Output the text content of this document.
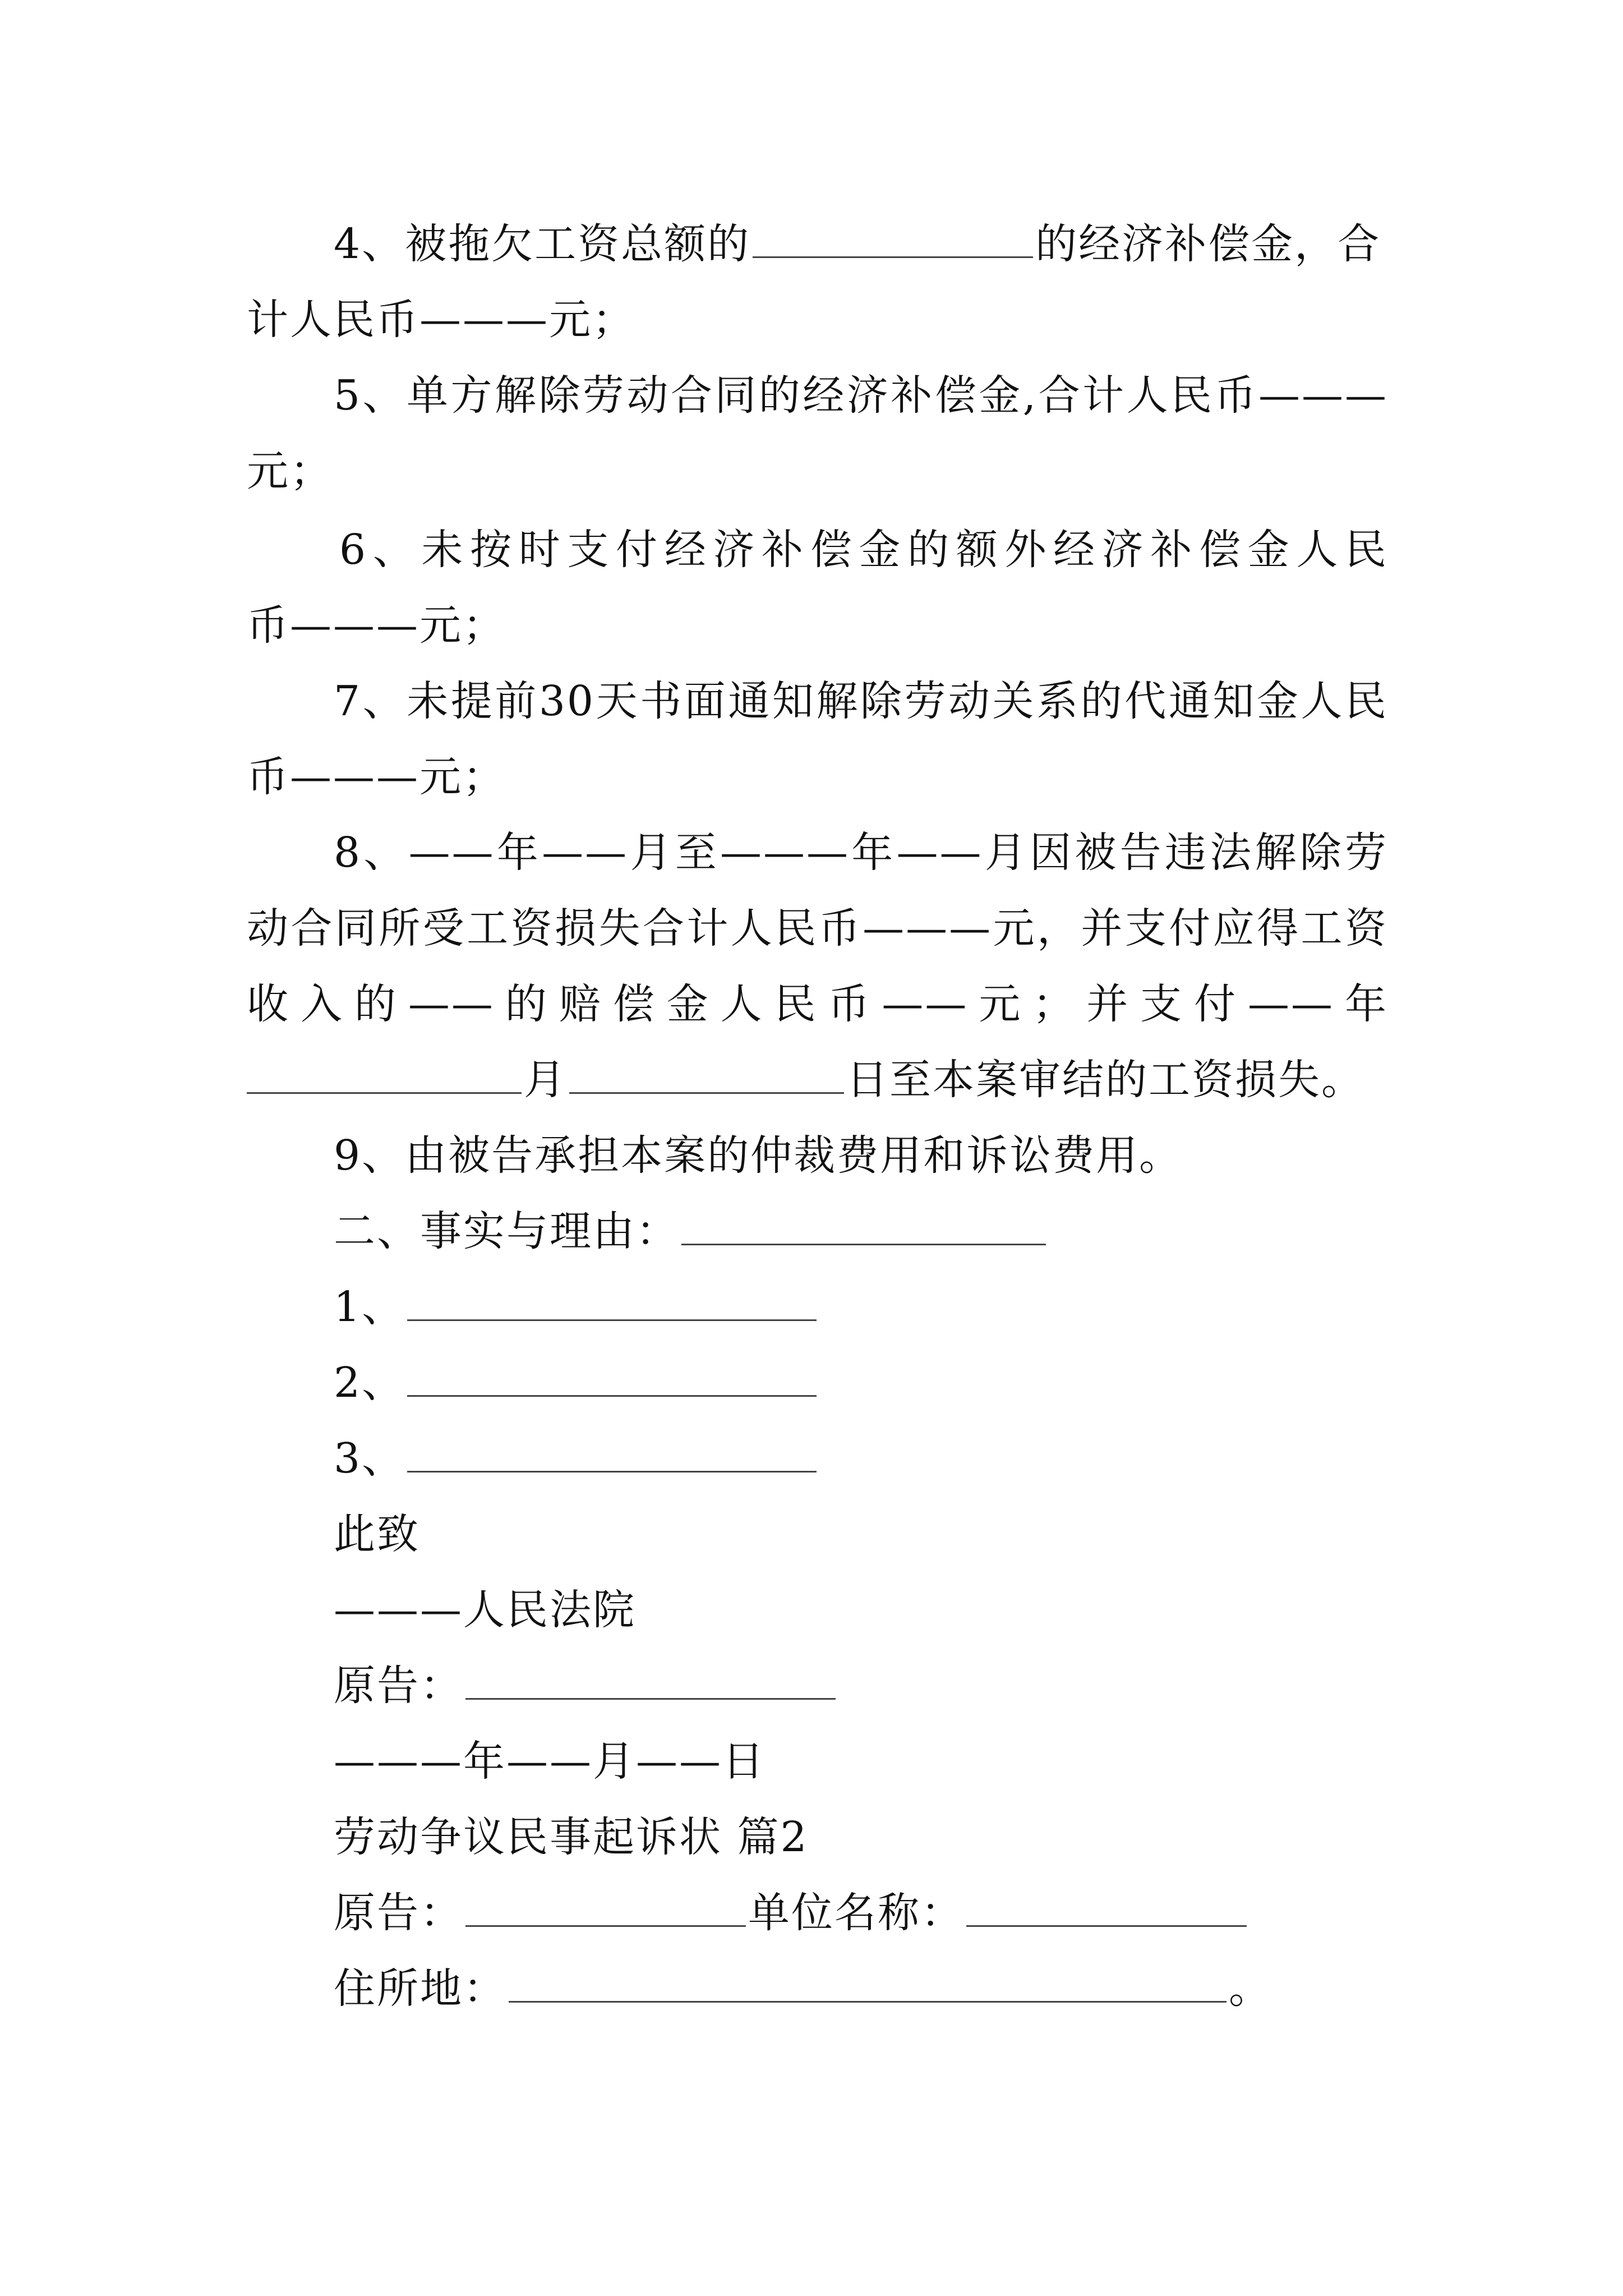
4、被拖欠工资总额的	的经济补偿金，合
计人民币———元；
5、单方解除劳动合同的经济补偿金,合计人民币———
元；
6、未按时支付经济补偿金的额外经济补偿金人民
币———元；
7、未提前30天书面通知解除劳动关系的代通知金人民
币———元；
8、——年——月至———年——月因被告违法解除劳
动合同所受工资损失合计人民币———元，并支付应得工资
收入的——的赔偿金人民币——元；并支付——年
月	日至本案审结的工资损失。
9、由被告承担本案的仲裁费用和诉讼费用。
二、事实与理由：
1、
2、
3、
此致
———人民法院
原告：
———年——月——日
劳动争议民事起诉状 篇2
原告：	单位名称：
住所地：	。
